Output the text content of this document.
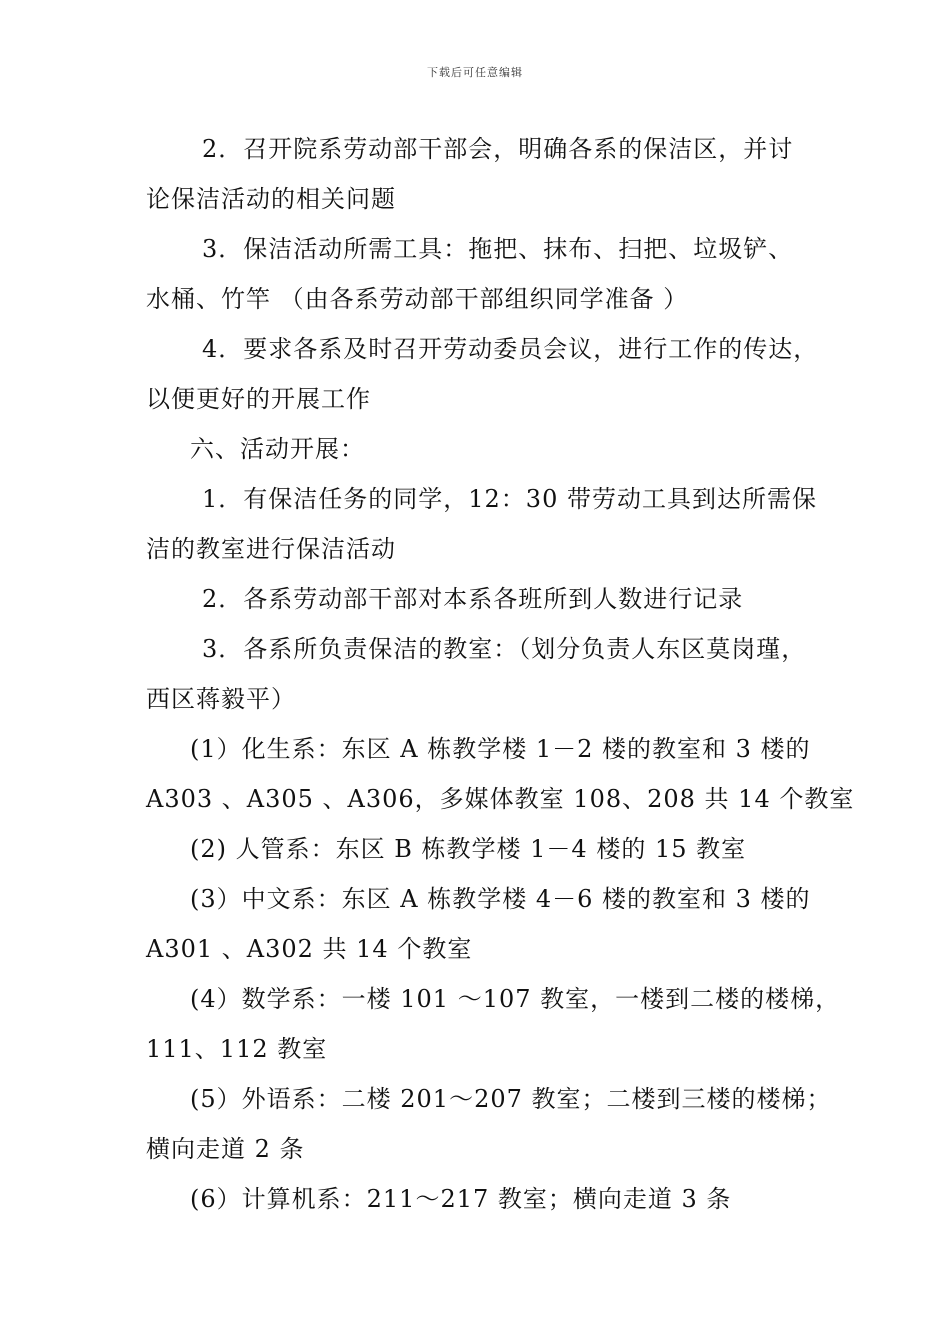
下载后可任意编辑
2．召开院系劳动部干部会，明确各系的保洁区，并讨
论保洁活动的相关问题
3．保洁活动所需工具：拖把、抹布、扫把、垃圾铲、
水桶、竹竿 （由各系劳动部干部组织同学准备 ）
4．要求各系及时召开劳动委员会议，进行工作的传达，
以便更好的开展工作
六、活动开展：
1．有保洁任务的同学，12：30 带劳动工具到达所需保
洁的教室进行保洁活动
2．各系劳动部干部对本系各班所到人数进行记录
3．各系所负责保洁的教室：（划分负责人东区莫岗瑾，
西区蒋毅平）
(1）化生系：东区 A 栋教学楼 1－2 楼的教室和 3 楼的
A303 、A305 、A306，多媒体教室 108、208 共 14 个教室
(2) 人管系：东区 B 栋教学楼 1－4 楼的 15 教室
(3）中文系：东区 A 栋教学楼 4－6 楼的教室和 3 楼的
A301 、A302 共 14 个教室
(4）数学系：一楼 101 ～107 教室，一楼到二楼的楼梯，
111、112 教室
(5）外语系：二楼 201～207 教室；二楼到三楼的楼梯；
横向走道 2 条
(6）计算机系：211～217 教室；横向走道 3 条
